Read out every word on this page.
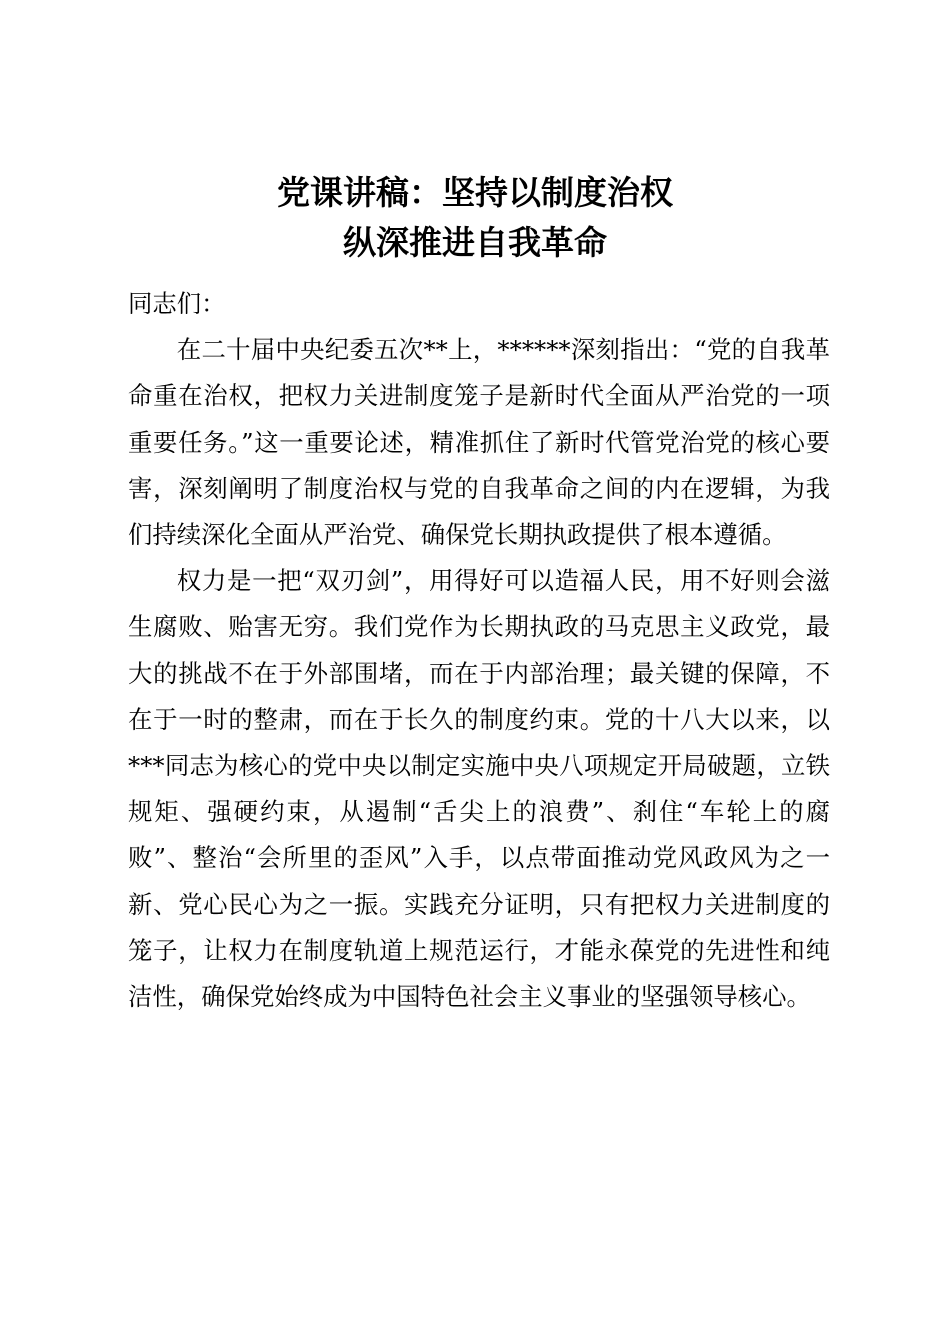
党课讲稿：坚持以制度治权
纵深推进自我革命

同志们：

在二十届中央纪委五次**上，******深刻指出：“党的自我革命重在治权，把权力关进制度笼子是新时代全面从严治党的一项重要任务。”这一重要论述，精准抓住了新时代管党治党的核心要害，深刻阐明了制度治权与党的自我革命之间的内在逻辑，为我们持续深化全面从严治党、确保党长期执政提供了根本遵循。

权力是一把“双刃剑”，用得好可以造福人民，用不好则会滋生腐败、贻害无穷。我们党作为长期执政的马克思主义政党，最大的挑战不在于外部围堵，而在于内部治理；最关键的保障，不在于一时的整肃，而在于长久的制度约束。党的十八大以来，以***同志为核心的党中央以制定实施中央八项规定开局破题，立铁规矩、强硬约束，从遏制“舌尖上的浪费”、刹住“车轮上的腐败”、整治“会所里的歪风”入手，以点带面推动党风政风为之一新、党心民心为之一振。实践充分证明，只有把权力关进制度的笼子，让权力在制度轨道上规范运行，才能永葆党的先进性和纯洁性，确保党始终成为中国特色社会主义事业的坚强领导核心。
